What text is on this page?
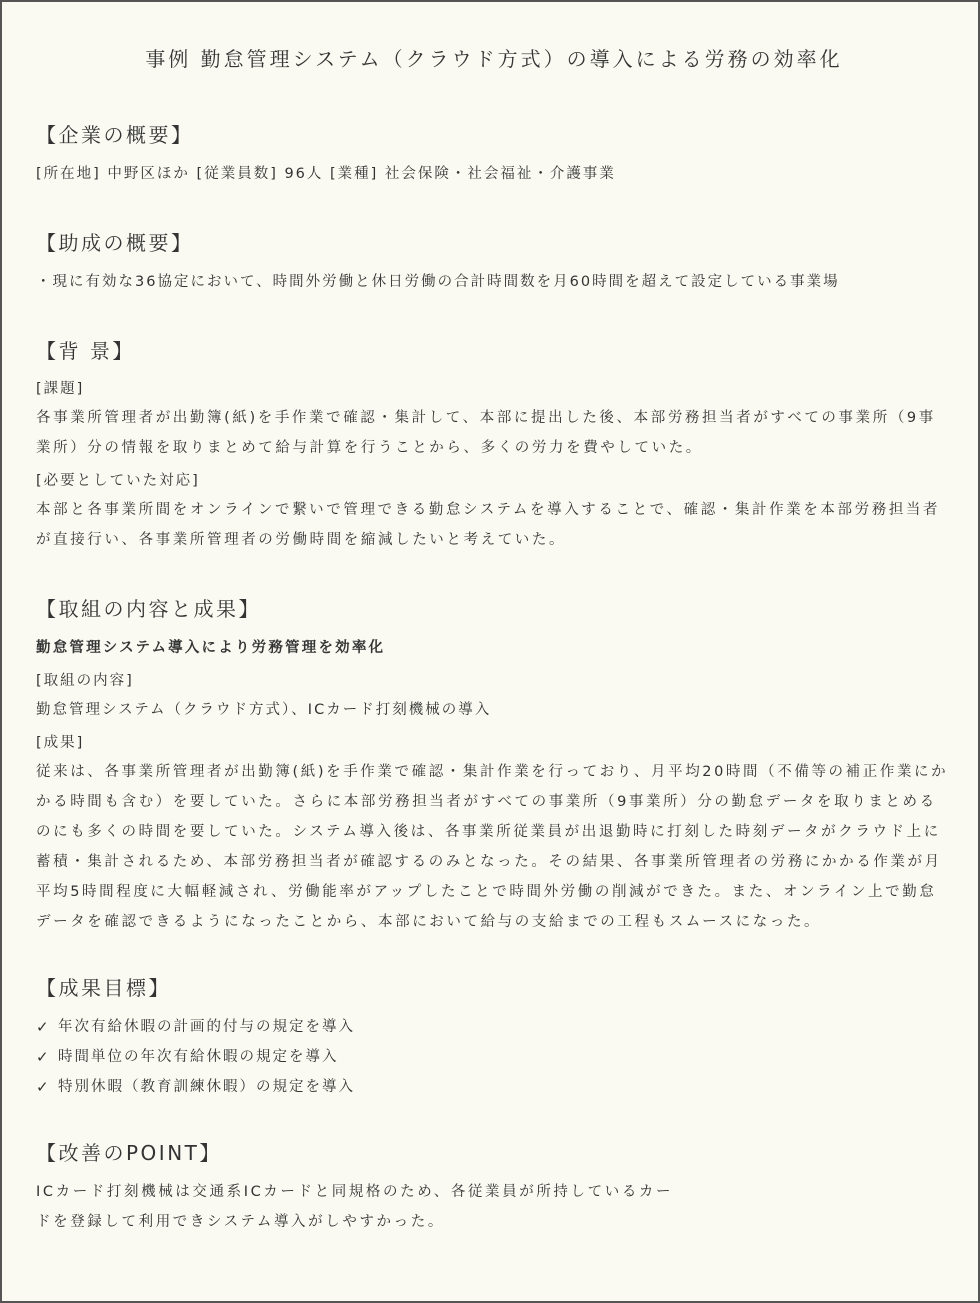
事例 勤怠管理システム（クラウド方式）の導入による労務の効率化
【企業の概要】

[所在地] 中野区ほか [従業員数] 96人 [業種] 社会保険・社会福祉・介護事業

【助成の概要】

・現に有効な36協定において、時間外労働と休日労働の合計時間数を月60時間を超えて設定している事業場

【背 景】

[課題]

各事業所管理者が出勤簿(紙)を手作業で確認・集計して、本部に提出した後、本部労務担当者がすべての事業所（9事業所）分の情報を取りまとめて給与計算を行うことから、多くの労力を費やしていた。

[必要としていた対応]

本部と各事業所間をオンラインで繋いで管理できる勤怠システムを導入することで、確認・集計作業を本部労務担当者が直接行い、各事業所管理者の労働時間を縮減したいと考えていた。

【取組の内容と成果】

勤怠管理システム導入により労務管理を効率化

[取組の内容]

勤怠管理システム（クラウド方式）、ICカード打刻機械の導入

[成果]

従来は、各事業所管理者が出勤簿(紙)を手作業で確認・集計作業を行っており、月平均20時間（不備等の補正作業にかかる時間も含む）を要していた。さらに本部労務担当者がすべての事業所（9事業所）分の勤怠データを取りまとめるのにも多くの時間を要していた。システム導入後は、各事業所従業員が出退勤時に打刻した時刻データがクラウド上に蓄積・集計されるため、本部労務担当者が確認するのみとなった。その結果、各事業所管理者の労務にかかる作業が月平均5時間程度に大幅軽減され、労働能率がアップしたことで時間外労働の削減ができた。また、オンライン上で勤怠データを確認できるようになったことから、本部において給与の支給までの工程もスムースになった。

【成果目標】
✓ 年次有給休暇の計画的付与の規定を導入
✓ 時間単位の年次有給休暇の規定を導入
✓ 特別休暇（教育訓練休暇）の規定を導入
【改善のPOINT】

ICカード打刻機械は交通系ICカードと同規格のため、各従業員が所持しているカードを登録して利用できシステム導入がしやすかった。
